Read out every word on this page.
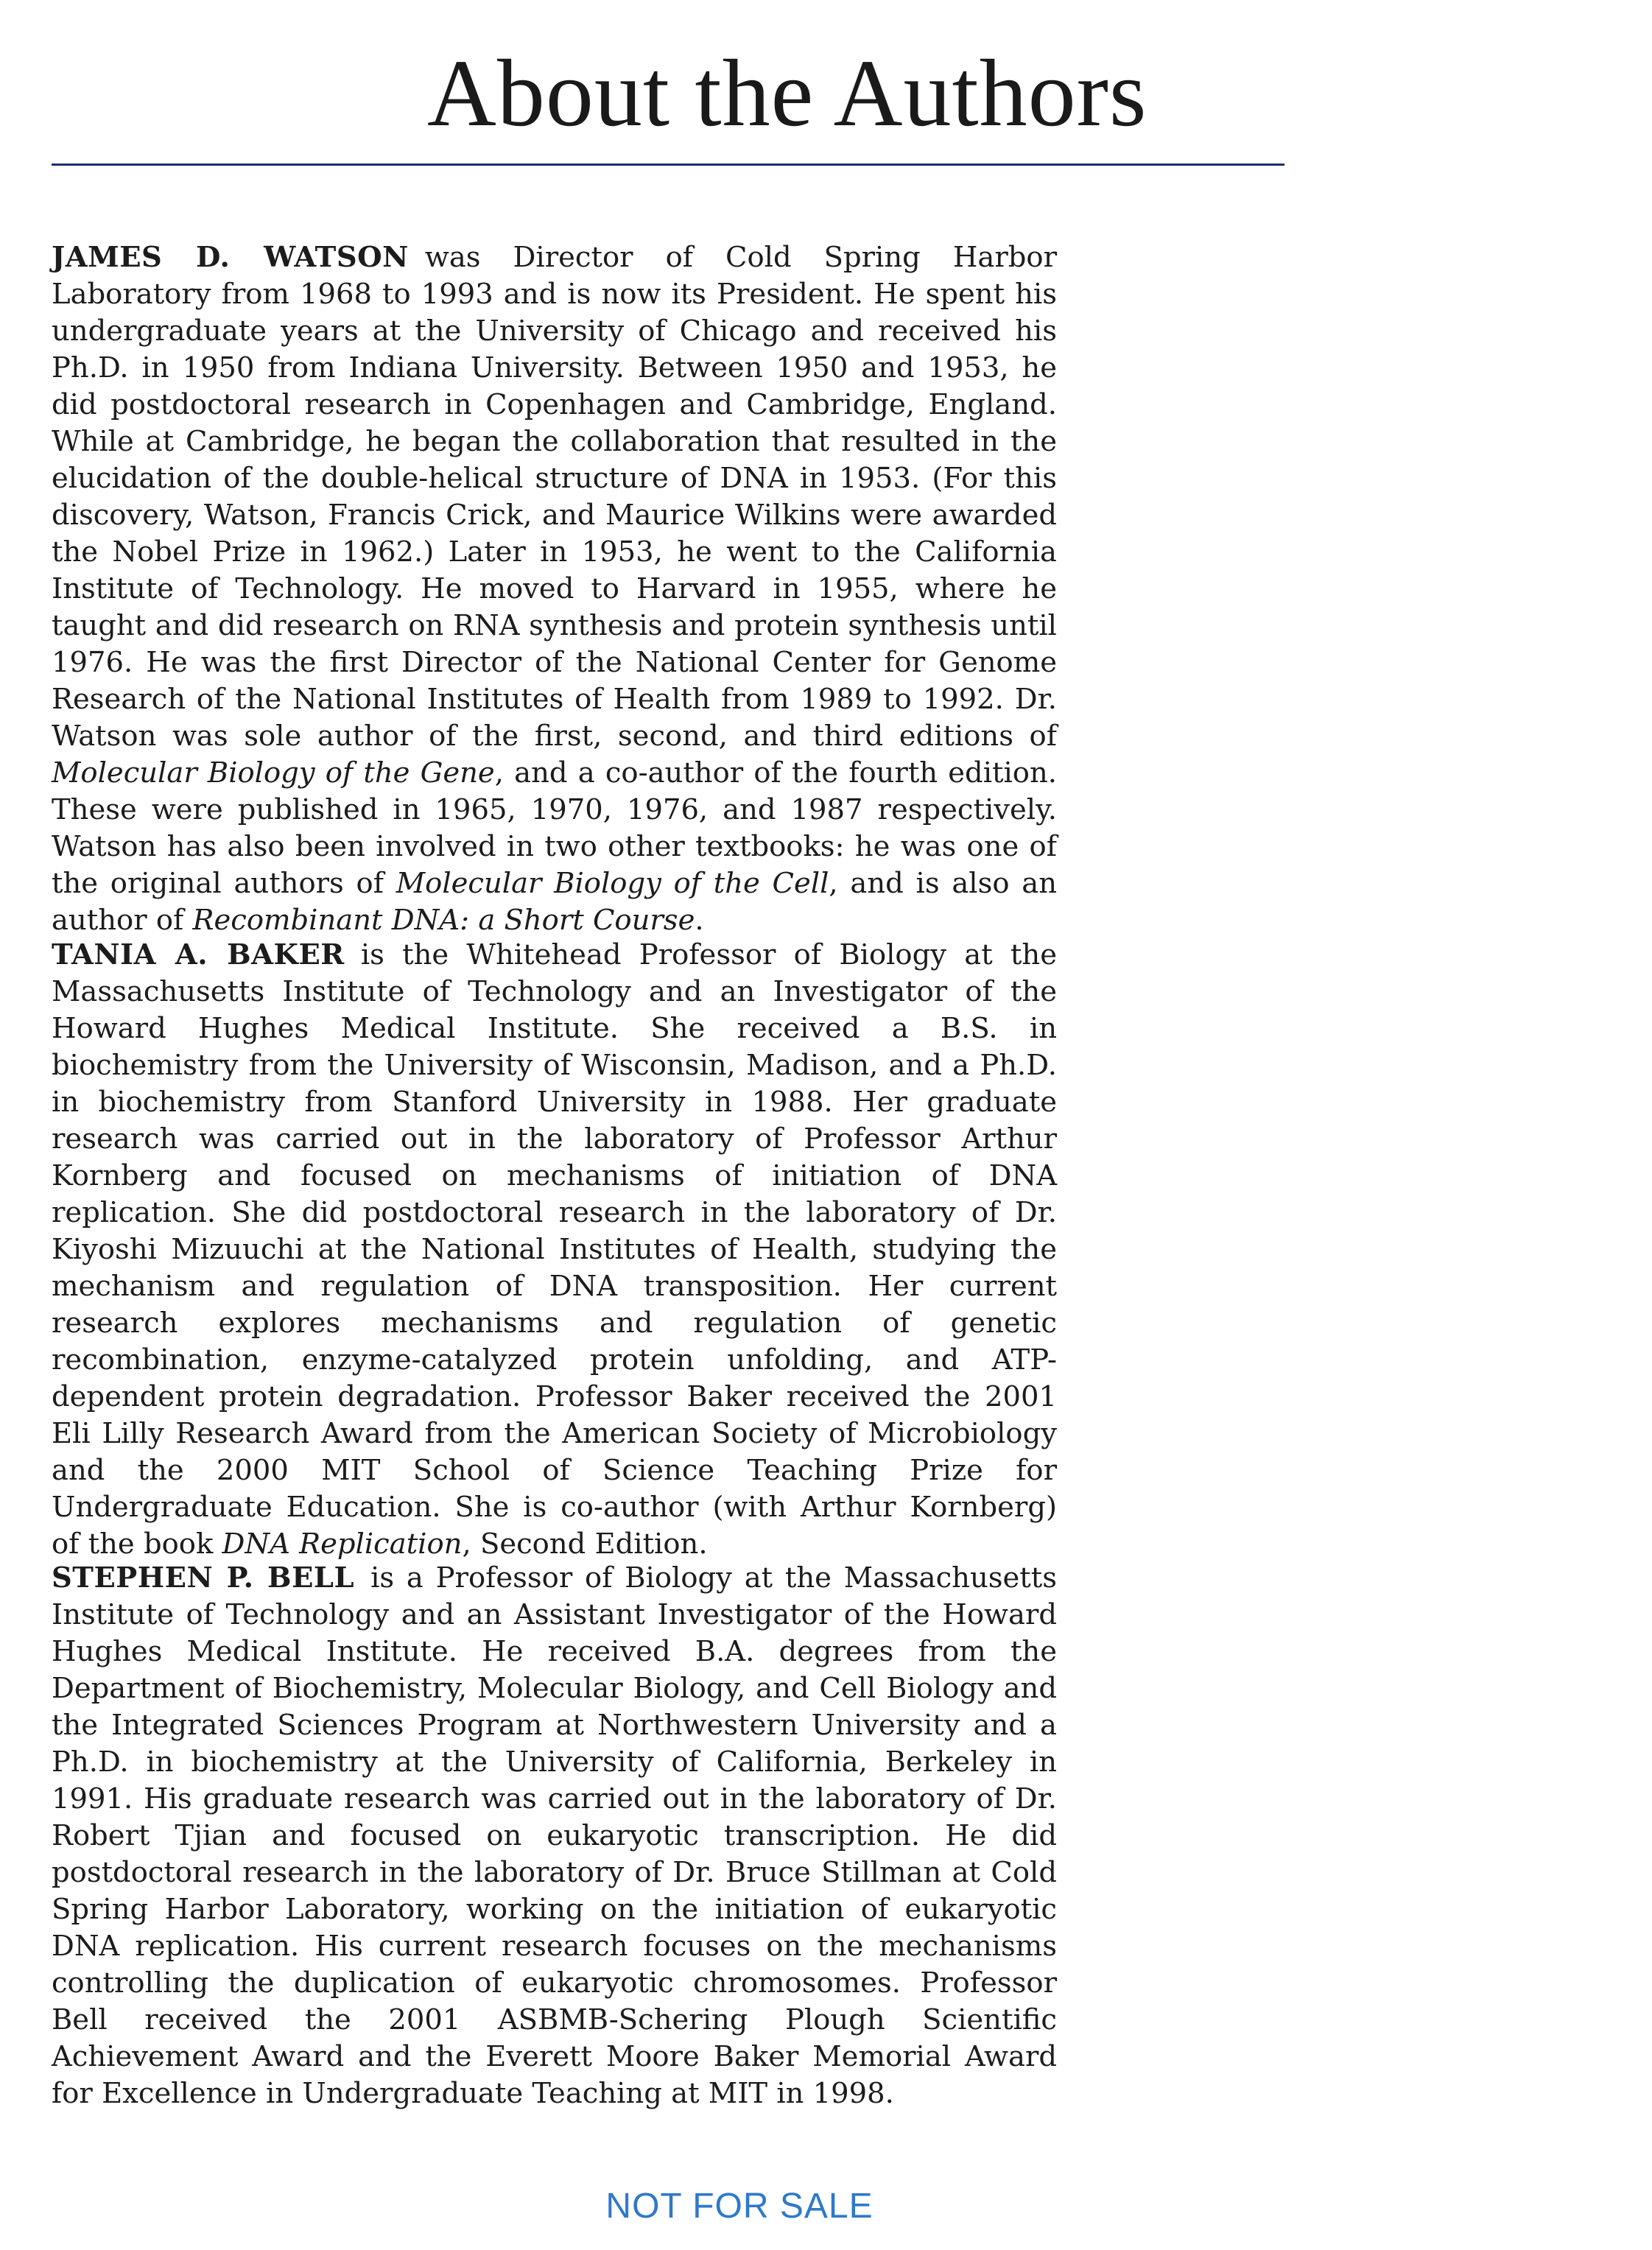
About the Authors

JAMES D. WATSON was Director of Cold Spring Harbor Laboratory from 1968 to 1993 and is now its President. He spent his undergraduate years at the University of Chicago and received his Ph.D. in 1950 from Indiana University. Between 1950 and 1953, he did postdoctoral research in Copenhagen and Cambridge, England. While at Cambridge, he began the collaboration that resulted in the elucidation of the double-helical structure of DNA in 1953. (For this discovery, Watson, Francis Crick, and Maurice Wilkins were awarded the Nobel Prize in 1962.) Later in 1953, he went to the California Institute of Technology. He moved to Harvard in 1955, where he taught and did research on RNA synthesis and protein synthesis until 1976. He was the first Director of the National Center for Genome Research of the National Institutes of Health from 1989 to 1992. Dr. Watson was sole author of the first, second, and third editions of Molecular Biology of the Gene, and a co-author of the fourth edition. These were published in 1965, 1970, 1976, and 1987 respectively. Watson has also been involved in two other textbooks: he was one of the original authors of Molecular Biology of the Cell, and is also an author of Recombinant DNA: a Short Course.

TANIA A. BAKER is the Whitehead Professor of Biology at the Massachusetts Institute of Technology and an Investigator of the Howard Hughes Medical Institute. She received a B.S. in biochemistry from the University of Wisconsin, Madison, and a Ph.D. in biochemistry from Stanford University in 1988. Her graduate research was carried out in the laboratory of Professor Arthur Kornberg and focused on mechanisms of initiation of DNA replication. She did postdoctoral research in the laboratory of Dr. Kiyoshi Mizuuchi at the National Institutes of Health, studying the mechanism and regulation of DNA transposition. Her current research explores mechanisms and regulation of genetic recombination, enzyme-catalyzed protein unfolding, and ATP-dependent protein degradation. Professor Baker received the 2001 Eli Lilly Research Award from the American Society of Microbiology and the 2000 MIT School of Science Teaching Prize for Undergraduate Education. She is co-author (with Arthur Kornberg) of the book DNA Replication, Second Edition.

STEPHEN P. BELL is a Professor of Biology at the Massachusetts Institute of Technology and an Assistant Investigator of the Howard Hughes Medical Institute. He received B.A. degrees from the Department of Biochemistry, Molecular Biology, and Cell Biology and the Integrated Sciences Program at Northwestern University and a Ph.D. in biochemistry at the University of California, Berkeley in 1991. His graduate research was carried out in the laboratory of Dr. Robert Tjian and focused on eukaryotic transcription. He did postdoctoral research in the laboratory of Dr. Bruce Stillman at Cold Spring Harbor Laboratory, working on the initiation of eukaryotic DNA replication. His current research focuses on the mechanisms controlling the duplication of eukaryotic chromosomes. Professor Bell received the 2001 ASBMB-Schering Plough Scientific Achievement Award and the Everett Moore Baker Memorial Award for Excellence in Undergraduate Teaching at MIT in 1998.

NOT FOR SALE
